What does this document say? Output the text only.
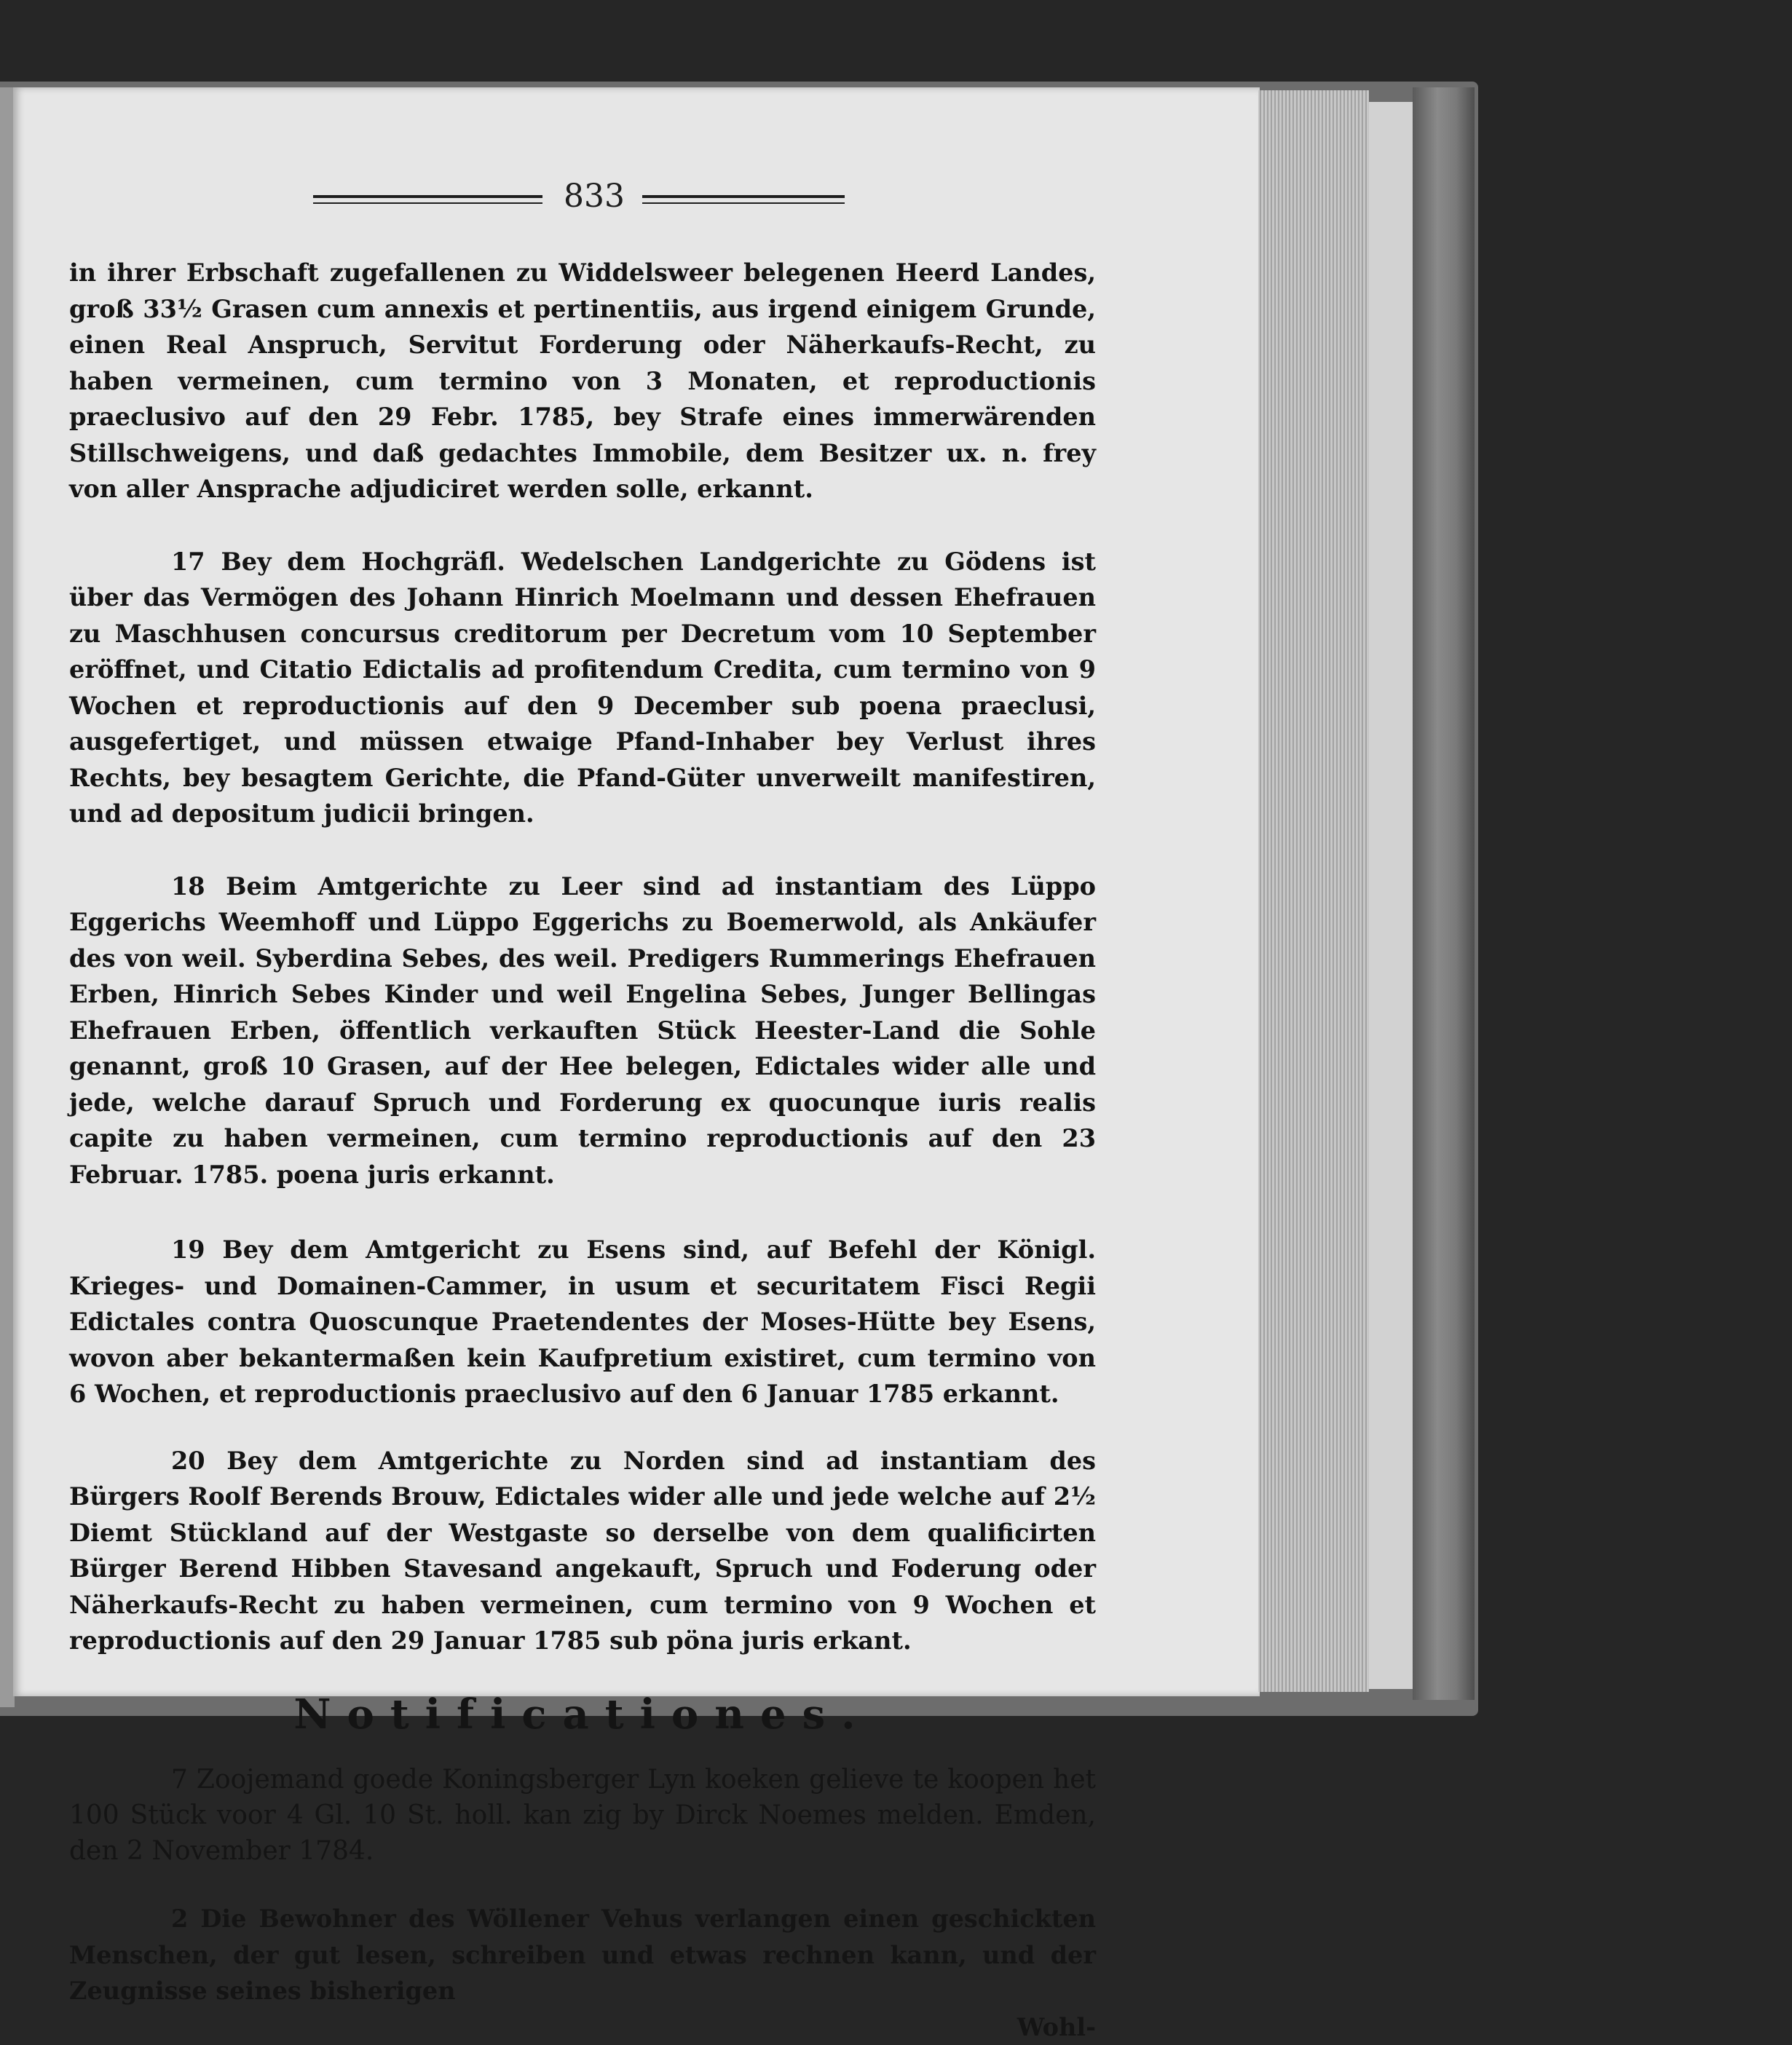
833

in ihrer Erbschaft zugefallenen zu Widdelsweer belegenen Heerd Landes, groß 33½ Grasen cum annexis et pertinentiis, aus irgend einigem Grunde, einen Real Anspruch, Servitut Forderung oder Näherkaufs-Recht, zu haben vermeinen, cum termino von 3 Monaten, et reproductionis praeclusivo auf den 29 Febr. 1785, bey Strafe eines immerwärenden Stillschweigens, und daß gedachtes Immobile, dem Besitzer ux. n. frey von aller Ansprache adjudiciret werden solle, erkannt.

17 Bey dem Hochgräfl. Wedelschen Landgerichte zu Gödens ist über das Vermögen des Johann Hinrich Moelmann und dessen Ehefrauen zu Maschhusen concursus creditorum per Decretum vom 10 September eröffnet, und Citatio Edictalis ad profitendum Credita, cum termino von 9 Wochen et reproductionis auf den 9 December sub poena praeclusi, ausgefertiget, und müssen etwaige Pfand-Inhaber bey Verlust ihres Rechts, bey besagtem Gerichte, die Pfand-Güter unverweilt manifestiren, und ad depositum judicii bringen.

18 Beim Amtgerichte zu Leer sind ad instantiam des Lüppo Eggerichs Weemhoff und Lüppo Eggerichs zu Boemerwold, als Ankäufer des von weil. Syberdina Sebes, des weil. Predigers Rummerings Ehefrauen Erben, Hinrich Sebes Kinder und weil Engelina Sebes, Junger Bellingas Ehefrauen Erben, öffentlich verkauften Stück Heester-Land die Sohle genannt, groß 10 Grasen, auf der Hee belegen, Edictales wider alle und jede, welche darauf Spruch und Forderung ex quocunque iuris realis capite zu haben vermeinen, cum termino reproductionis auf den 23 Februar. 1785. poena juris erkannt.

19 Bey dem Amtgericht zu Esens sind, auf Befehl der Königl. Krieges- und Domainen-Cammer, in usum et securitatem Fisci Regii Edictales contra Quoscunque Praetendentes der Moses-Hütte bey Esens, wovon aber bekantermaßen kein Kaufpretium existiret, cum termino von 6 Wochen, et reproductionis praeclusivo auf den 6 Januar 1785 erkannt.

20 Bey dem Amtgerichte zu Norden sind ad instantiam des Bürgers Roolf Berends Brouw, Edictales wider alle und jede welche auf 2½ Diemt Stückland auf der Westgaste so derselbe von dem qualificirten Bürger Berend Hibben Stavesand angekauft, Spruch und Foderung oder Näherkaufs-Recht zu haben vermeinen, cum termino von 9 Wochen et reproductionis auf den 29 Januar 1785 sub pöna juris erkant.

Notificationes.

7 Zoojemand goede Koningsberger Lyn koeken gelieve te koopen het 100 Stück voor 4 Gl. 10 St. holl. kan zig by Dirck Noemes melden. Emden, den 2 November 1784.

2 Die Bewohner des Wöllener Vehus verlangen einen geschickten Menschen, der gut lesen, schreiben und etwas rechnen kann, und der Zeugnisse seines bisherigen

Wohl-
